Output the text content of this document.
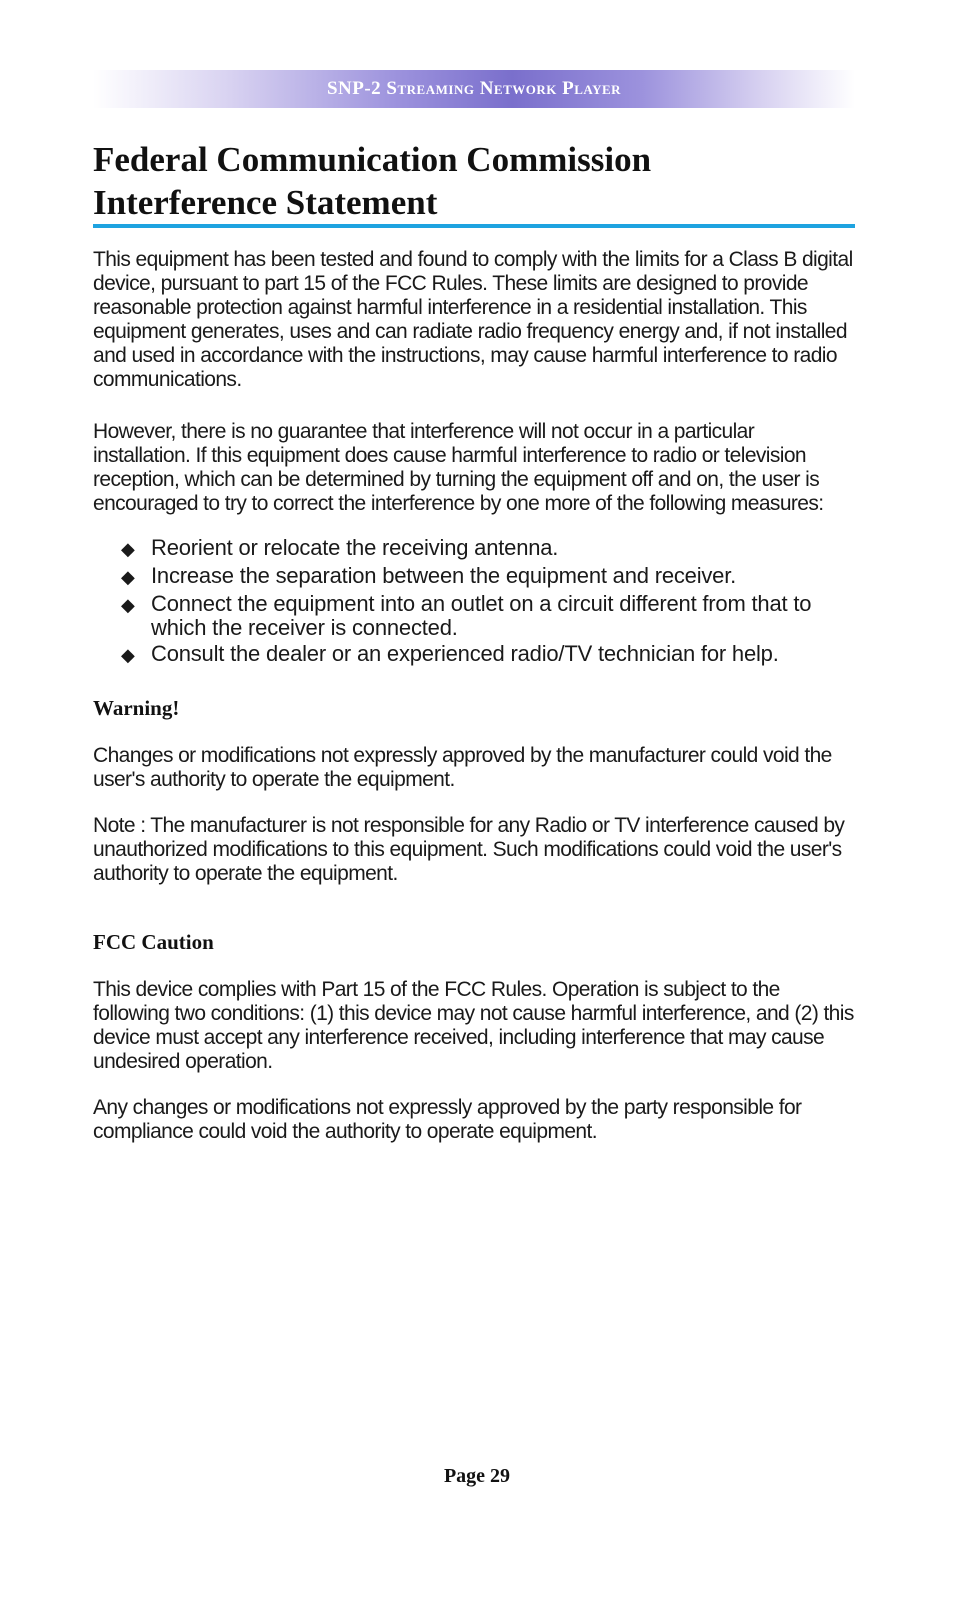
SNP-2 Streaming Network Player
Federal Communication Commission
Interference Statement

This equipment has been tested and found to comply with the limits for a Class B digital device, pursuant to part 15 of the FCC Rules. These limits are designed to provide reasonable protection against harmful interference in a residential installation. This equipment generates, uses and can radiate radio frequency energy and, if not installed and used in accordance with the instructions, may cause harmful interference to radio communications.

However, there is no guarantee that interference will not occur in a particular installation. If this equipment does cause harmful interference to radio or television reception, which can be determined by turning the equipment off and on, the user is encouraged to try to correct the interference by one more of the following measures:

◆ Reorient or relocate the receiving antenna.
◆ Increase the separation between the equipment and receiver.
◆ Connect the equipment into an outlet on a circuit different from that to which the receiver is connected.
◆ Consult the dealer or an experienced radio/TV technician for help.
Warning!

Changes or modifications not expressly approved by the manufacturer could void the user's authority to operate the equipment.

Note : The manufacturer is not responsible for any Radio or TV interference caused by unauthorized modifications to this equipment. Such modifications could void the user's authority to operate the equipment.

FCC Caution

This device complies with Part 15 of the FCC Rules. Operation is subject to the following two conditions: (1) this device may not cause harmful interference, and (2) this device must accept any interference received, including interference that may cause undesired operation.

Any changes or modifications not expressly approved by the party responsible for compliance could void the authority to operate equipment.

Page 29
